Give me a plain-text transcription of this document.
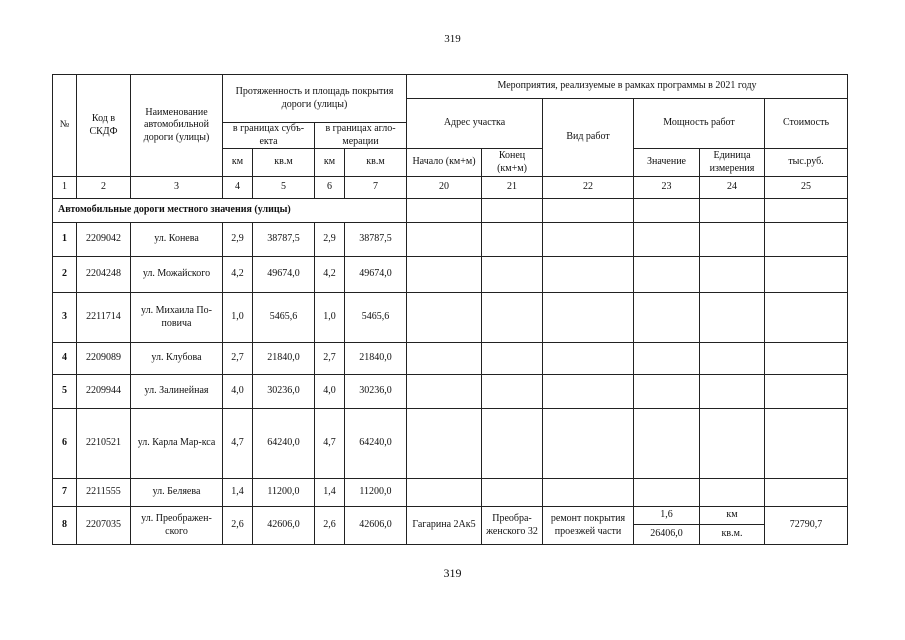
319
№	Код в СКДФ	Наименование автомобильной дороги (улицы)	Протяженность и площадь покрытия дороги (улицы)				Мероприятия, реализуемые в рамках программы в 2021 году					
							Адрес участка		Вид работ	Мощность работ		Стоимость
			в границах субъ-екта		в границах агло-мерации							
			км	кв.м	км	кв.м	Начало (км+м)	Конец (км+м)		Значение	Единица измерения	тыс.руб.
1	2	3	4	5	6	7	20	21	22	23	24	25
Автомобильные дороги местного значения (улицы)												
1	2209042	ул. Конева	2,9	38787,5	2,9	38787,5						
2	2204248	ул. Можайского	4,2	49674,0	4,2	49674,0						
3	2211714	ул. Михаила По-повича	1,0	5465,6	1,0	5465,6						
4	2209089	ул. Клубова	2,7	21840,0	2,7	21840,0						
5	2209944	ул. Залинейная	4,0	30236,0	4,0	30236,0						
6	2210521	ул. Карла Мар-кса	4,7	64240,0	4,7	64240,0						
7	2211555	ул. Беляева	1,4	11200,0	1,4	11200,0						
8	2207035	ул. Преображен-ского	2,6	42606,0	2,6	42606,0	Гагарина 2Ак5	Преобра-женского 32	ремонт покрытия проезжей части	1,6	км	72790,7
										26406,0	кв.м.	
319
